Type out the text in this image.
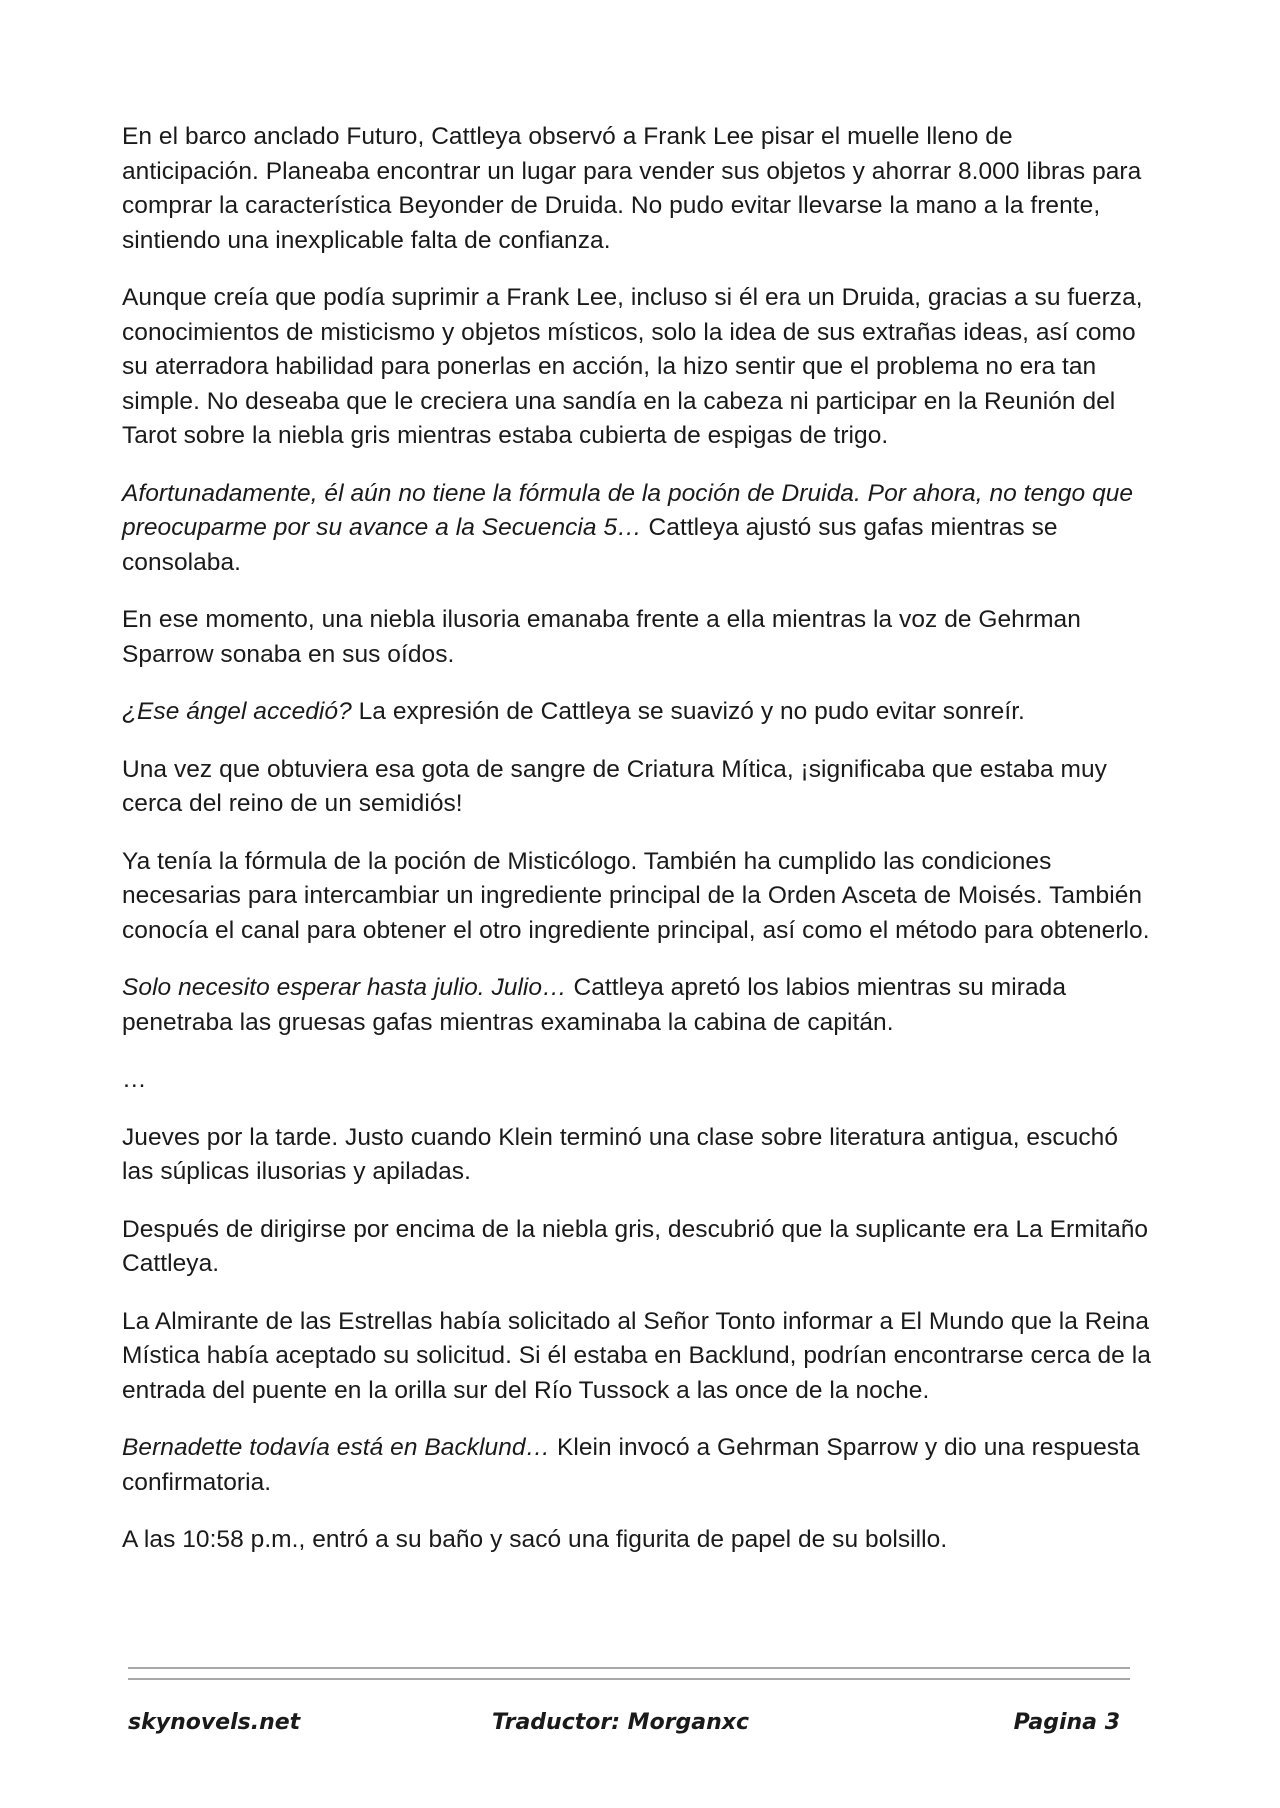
En el barco anclado Futuro, Cattleya observó a Frank Lee pisar el muelle lleno de anticipación. Planeaba encontrar un lugar para vender sus objetos y ahorrar 8.000 libras para comprar la característica Beyonder de Druida. No pudo evitar llevarse la mano a la frente, sintiendo una inexplicable falta de confianza.

Aunque creía que podía suprimir a Frank Lee, incluso si él era un Druida, gracias a su fuerza, conocimientos de misticismo y objetos místicos, solo la idea de sus extrañas ideas, así como su aterradora habilidad para ponerlas en acción, la hizo sentir que el problema no era tan simple. No deseaba que le creciera una sandía en la cabeza ni participar en la Reunión del Tarot sobre la niebla gris mientras estaba cubierta de espigas de trigo.

Afortunadamente, él aún no tiene la fórmula de la poción de Druida. Por ahora, no tengo que preocuparme por su avance a la Secuencia 5… Cattleya ajustó sus gafas mientras se consolaba.

En ese momento, una niebla ilusoria emanaba frente a ella mientras la voz de Gehrman Sparrow sonaba en sus oídos.

¿Ese ángel accedió? La expresión de Cattleya se suavizó y no pudo evitar sonreír.

Una vez que obtuviera esa gota de sangre de Criatura Mítica, ¡significaba que estaba muy cerca del reino de un semidiós!

Ya tenía la fórmula de la poción de Misticólogo. También ha cumplido las condiciones necesarias para intercambiar un ingrediente principal de la Orden Asceta de Moisés. También conocía el canal para obtener el otro ingrediente principal, así como el método para obtenerlo.

Solo necesito esperar hasta julio. Julio… Cattleya apretó los labios mientras su mirada penetraba las gruesas gafas mientras examinaba la cabina de capitán.

…

Jueves por la tarde. Justo cuando Klein terminó una clase sobre literatura antigua, escuchó las súplicas ilusorias y apiladas.

Después de dirigirse por encima de la niebla gris, descubrió que la suplicante era La Ermitaño Cattleya.

La Almirante de las Estrellas había solicitado al Señor Tonto informar a El Mundo que la Reina Mística había aceptado su solicitud. Si él estaba en Backlund, podrían encontrarse cerca de la entrada del puente en la orilla sur del Río Tussock a las once de la noche.

Bernadette todavía está en Backlund… Klein invocó a Gehrman Sparrow y dio una respuesta confirmatoria.

A las 10:58 p.m., entró a su baño y sacó una figurita de papel de su bolsillo.

skynovels.net	Traductor: Morganxc	Pagina 3
